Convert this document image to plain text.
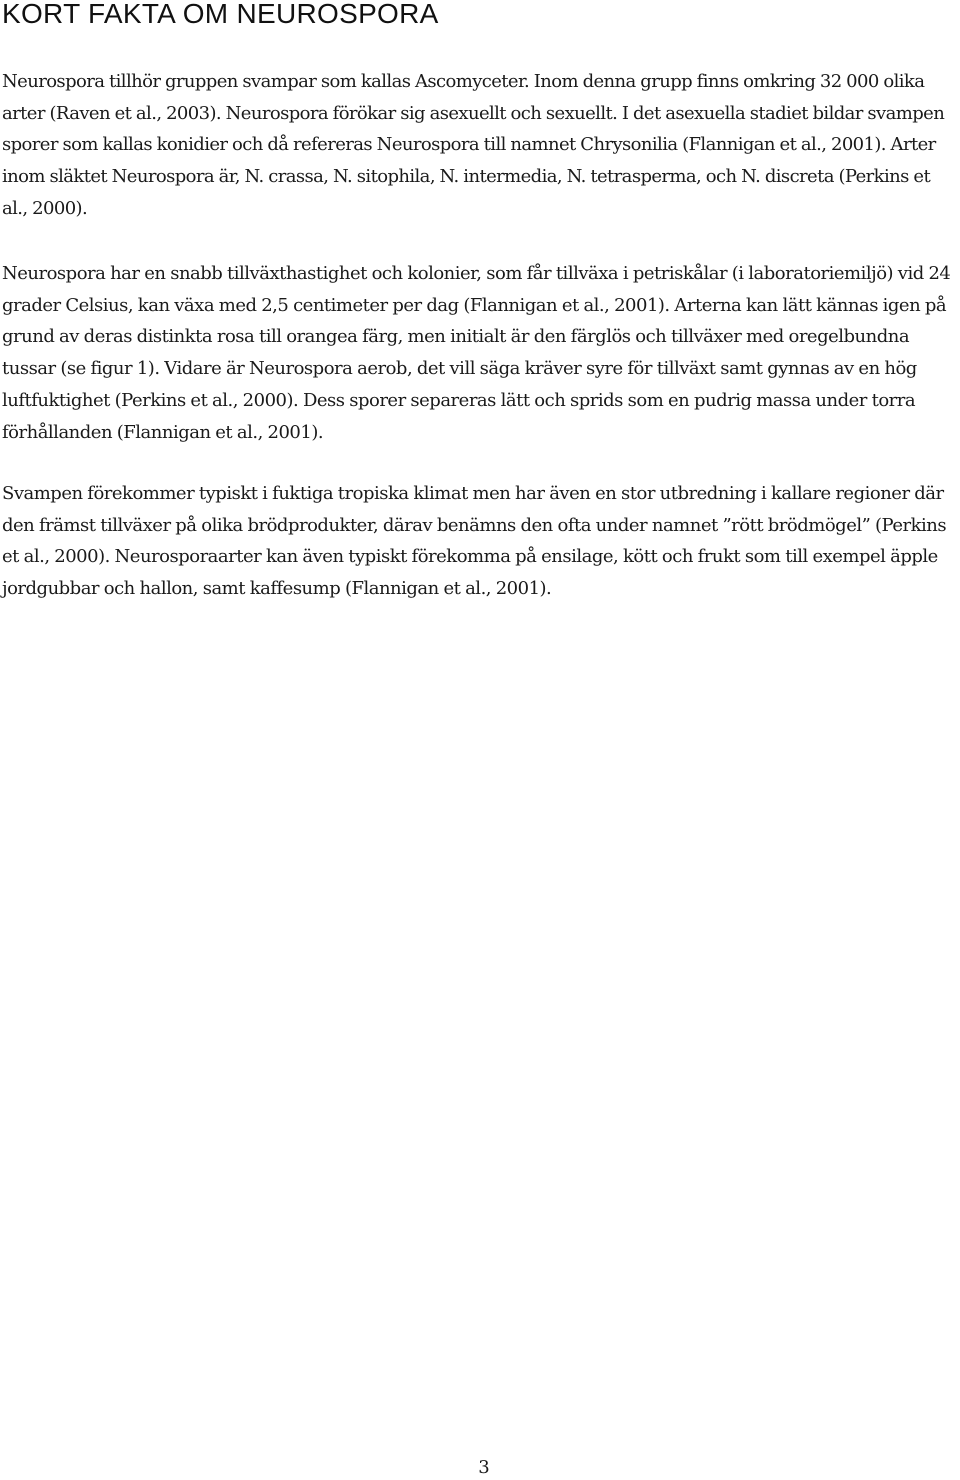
KORT FAKTA OM NEUROSPORA

Neurospora tillhör gruppen svampar som kallas Ascomyceter. Inom denna grupp finns omkring 32 000 olika arter (Raven et al., 2003). Neurospora förökar sig asexuellt och sexuellt. I det asexuella stadiet bildar svampen sporer som kallas konidier och då refereras Neurospora till namnet Chrysonilia (Flannigan et al., 2001). Arter inom släktet Neurospora är, N. crassa, N. sitophila, N. intermedia, N. tetrasperma, och N. discreta (Perkins et al., 2000).

Neurospora har en snabb tillväxthastighet och kolonier, som får tillväxa i petriskålar (i laboratoriemiljö) vid 24 grader Celsius, kan växa med 2,5 centimeter per dag (Flannigan et al., 2001). Arterna kan lätt kännas igen på grund av deras distinkta rosa till orangea färg, men initialt är den färglös och tillväxer med oregelbundna tussar (se figur 1). Vidare är Neurospora aerob, det vill säga kräver syre för tillväxt samt gynnas av en hög luftfuktighet (Perkins et al., 2000). Dess sporer separeras lätt och sprids som en pudrig massa under torra förhållanden (Flannigan et al., 2001).

Svampen förekommer typiskt i fuktiga tropiska klimat men har även en stor utbredning i kallare regioner där den främst tillväxer på olika brödprodukter, därav benämns den ofta under namnet ”rött brödmögel” (Perkins et al., 2000). Neurosporaarter kan även typiskt förekomma på ensilage, kött och frukt som till exempel äpple jordgubbar och hallon, samt kaffesump (Flannigan et al., 2001).

3
